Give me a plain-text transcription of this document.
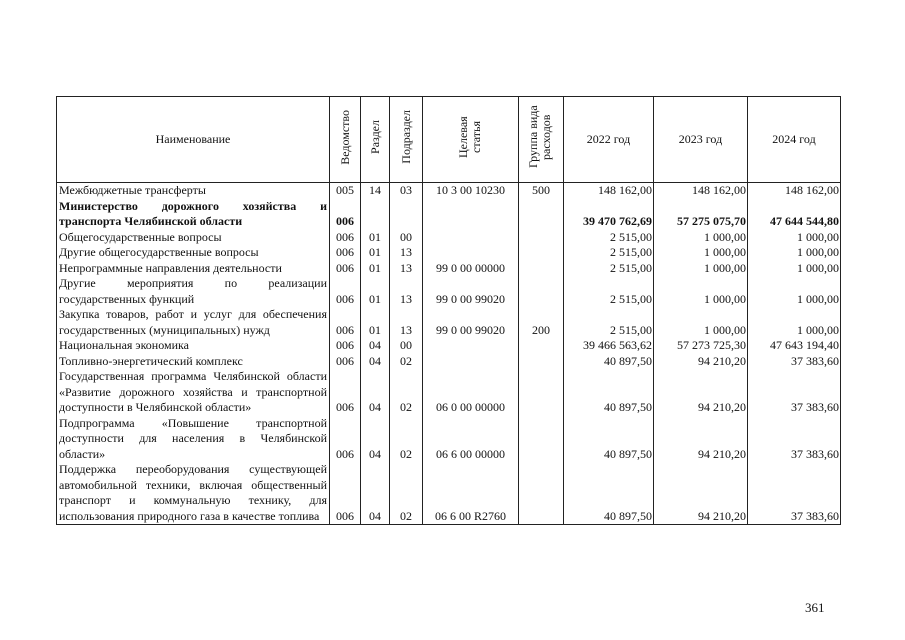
Наименование	Ведомство	Раздел	Подраздел	Целевая статья	Группа вида расходов	2022 год	2023 год	2024 год
Межбюджетные трансферты	005	14	03	10 3 00 10230	500	148 162,00	148 162,00	148 162,00
Министерство дорожного хозяйства и транспорта Челябинской области	006					39 470 762,69	57 275 075,70	47 644 544,80
Общегосударственные вопросы	006	01	00			2 515,00	1 000,00	1 000,00
Другие общегосударственные вопросы	006	01	13			2 515,00	1 000,00	1 000,00
Непрограммные направления деятельности	006	01	13	99 0 00 00000		2 515,00	1 000,00	1 000,00
Другие мероприятия по реализации государственных функций	006	01	13	99 0 00 99020		2 515,00	1 000,00	1 000,00
Закупка товаров, работ и услуг для обеспечения государственных (муниципальных) нужд	006	01	13	99 0 00 99020	200	2 515,00	1 000,00	1 000,00
Национальная экономика	006	04	00			39 466 563,62	57 273 725,30	47 643 194,40
Топливно-энергетический комплекс	006	04	02			40 897,50	94 210,20	37 383,60
Государственная программа Челябинской области «Развитие дорожного хозяйства и транспортной доступности в Челябинской области»	006	04	02	06 0 00 00000		40 897,50	94 210,20	37 383,60
Подпрограмма «Повышение транспортной доступности для населения в Челябинской области»	006	04	02	06 6 00 00000		40 897,50	94 210,20	37 383,60
Поддержка переоборудования существующей автомобильной техники, включая общественный транспорт и коммунальную технику, для использования природного газа в качестве топлива	006	04	02	06 6 00 R2760		40 897,50	94 210,20	37 383,60
361
